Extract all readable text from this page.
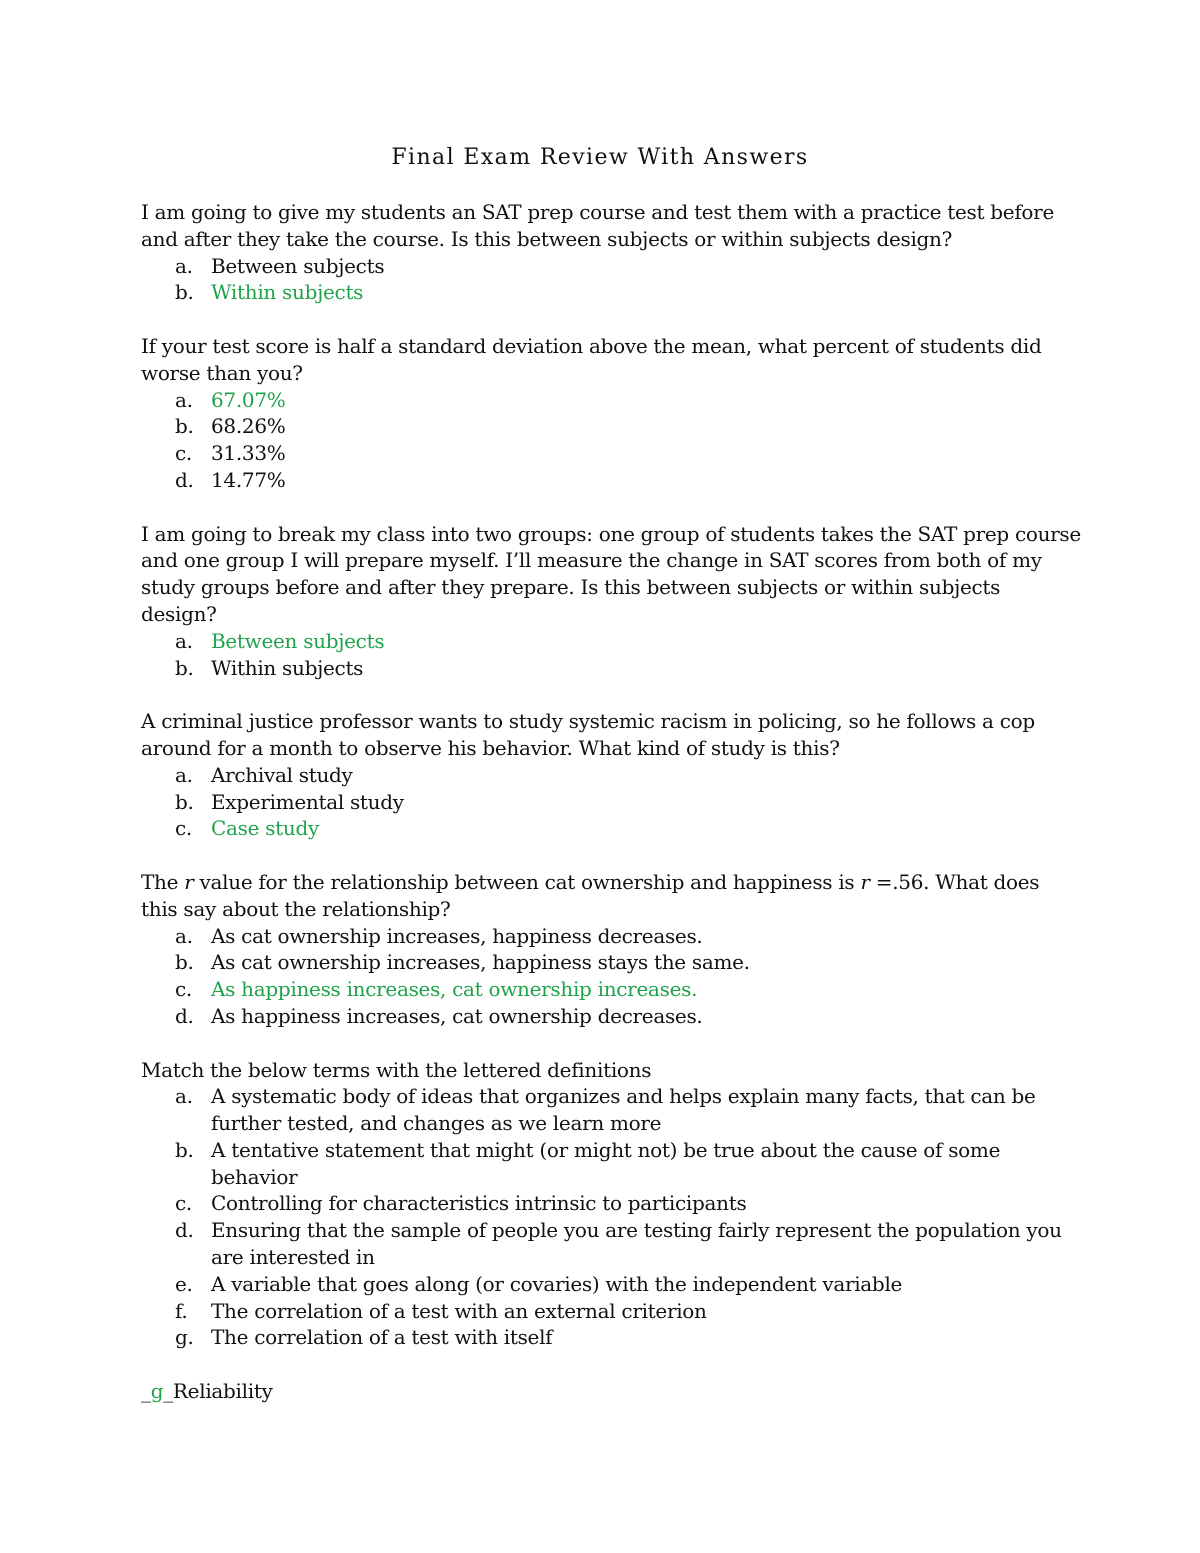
Final Exam Review With Answers

I am going to give my students an SAT prep course and test them with a practice test before and after they take the course. Is this between subjects or within subjects design?

a. Between subjects
b. Within subjects

If your test score is half a standard deviation above the mean, what percent of students did worse than you?

a. 67.07%
b. 68.26%
c. 31.33%
d. 14.77%

I am going to break my class into two groups: one group of students takes the SAT prep course and one group I will prepare myself. I’ll measure the change in SAT scores from both of my study groups before and after they prepare. Is this between subjects or within subjects design?

a. Between subjects
b. Within subjects

A criminal justice professor wants to study systemic racism in policing, so he follows a cop around for a month to observe his behavior. What kind of study is this?

a. Archival study
b. Experimental study
c. Case study

The r value for the relationship between cat ownership and happiness is r =.56. What does this say about the relationship?

a. As cat ownership increases, happiness decreases.
b. As cat ownership increases, happiness stays the same.
c. As happiness increases, cat ownership increases.
d. As happiness increases, cat ownership decreases.

Match the below terms with the lettered definitions

a. A systematic body of ideas that organizes and helps explain many facts, that can be further tested, and changes as we learn more
b. A tentative statement that might (or might not) be true about the cause of some behavior
c. Controlling for characteristics intrinsic to participants
d. Ensuring that the sample of people you are testing fairly represent the population you are interested in
e. A variable that goes along (or covaries) with the independent variable
f.	The correlation of a test with an external criterion
g. The correlation of a test with itself

_g_Reliability
